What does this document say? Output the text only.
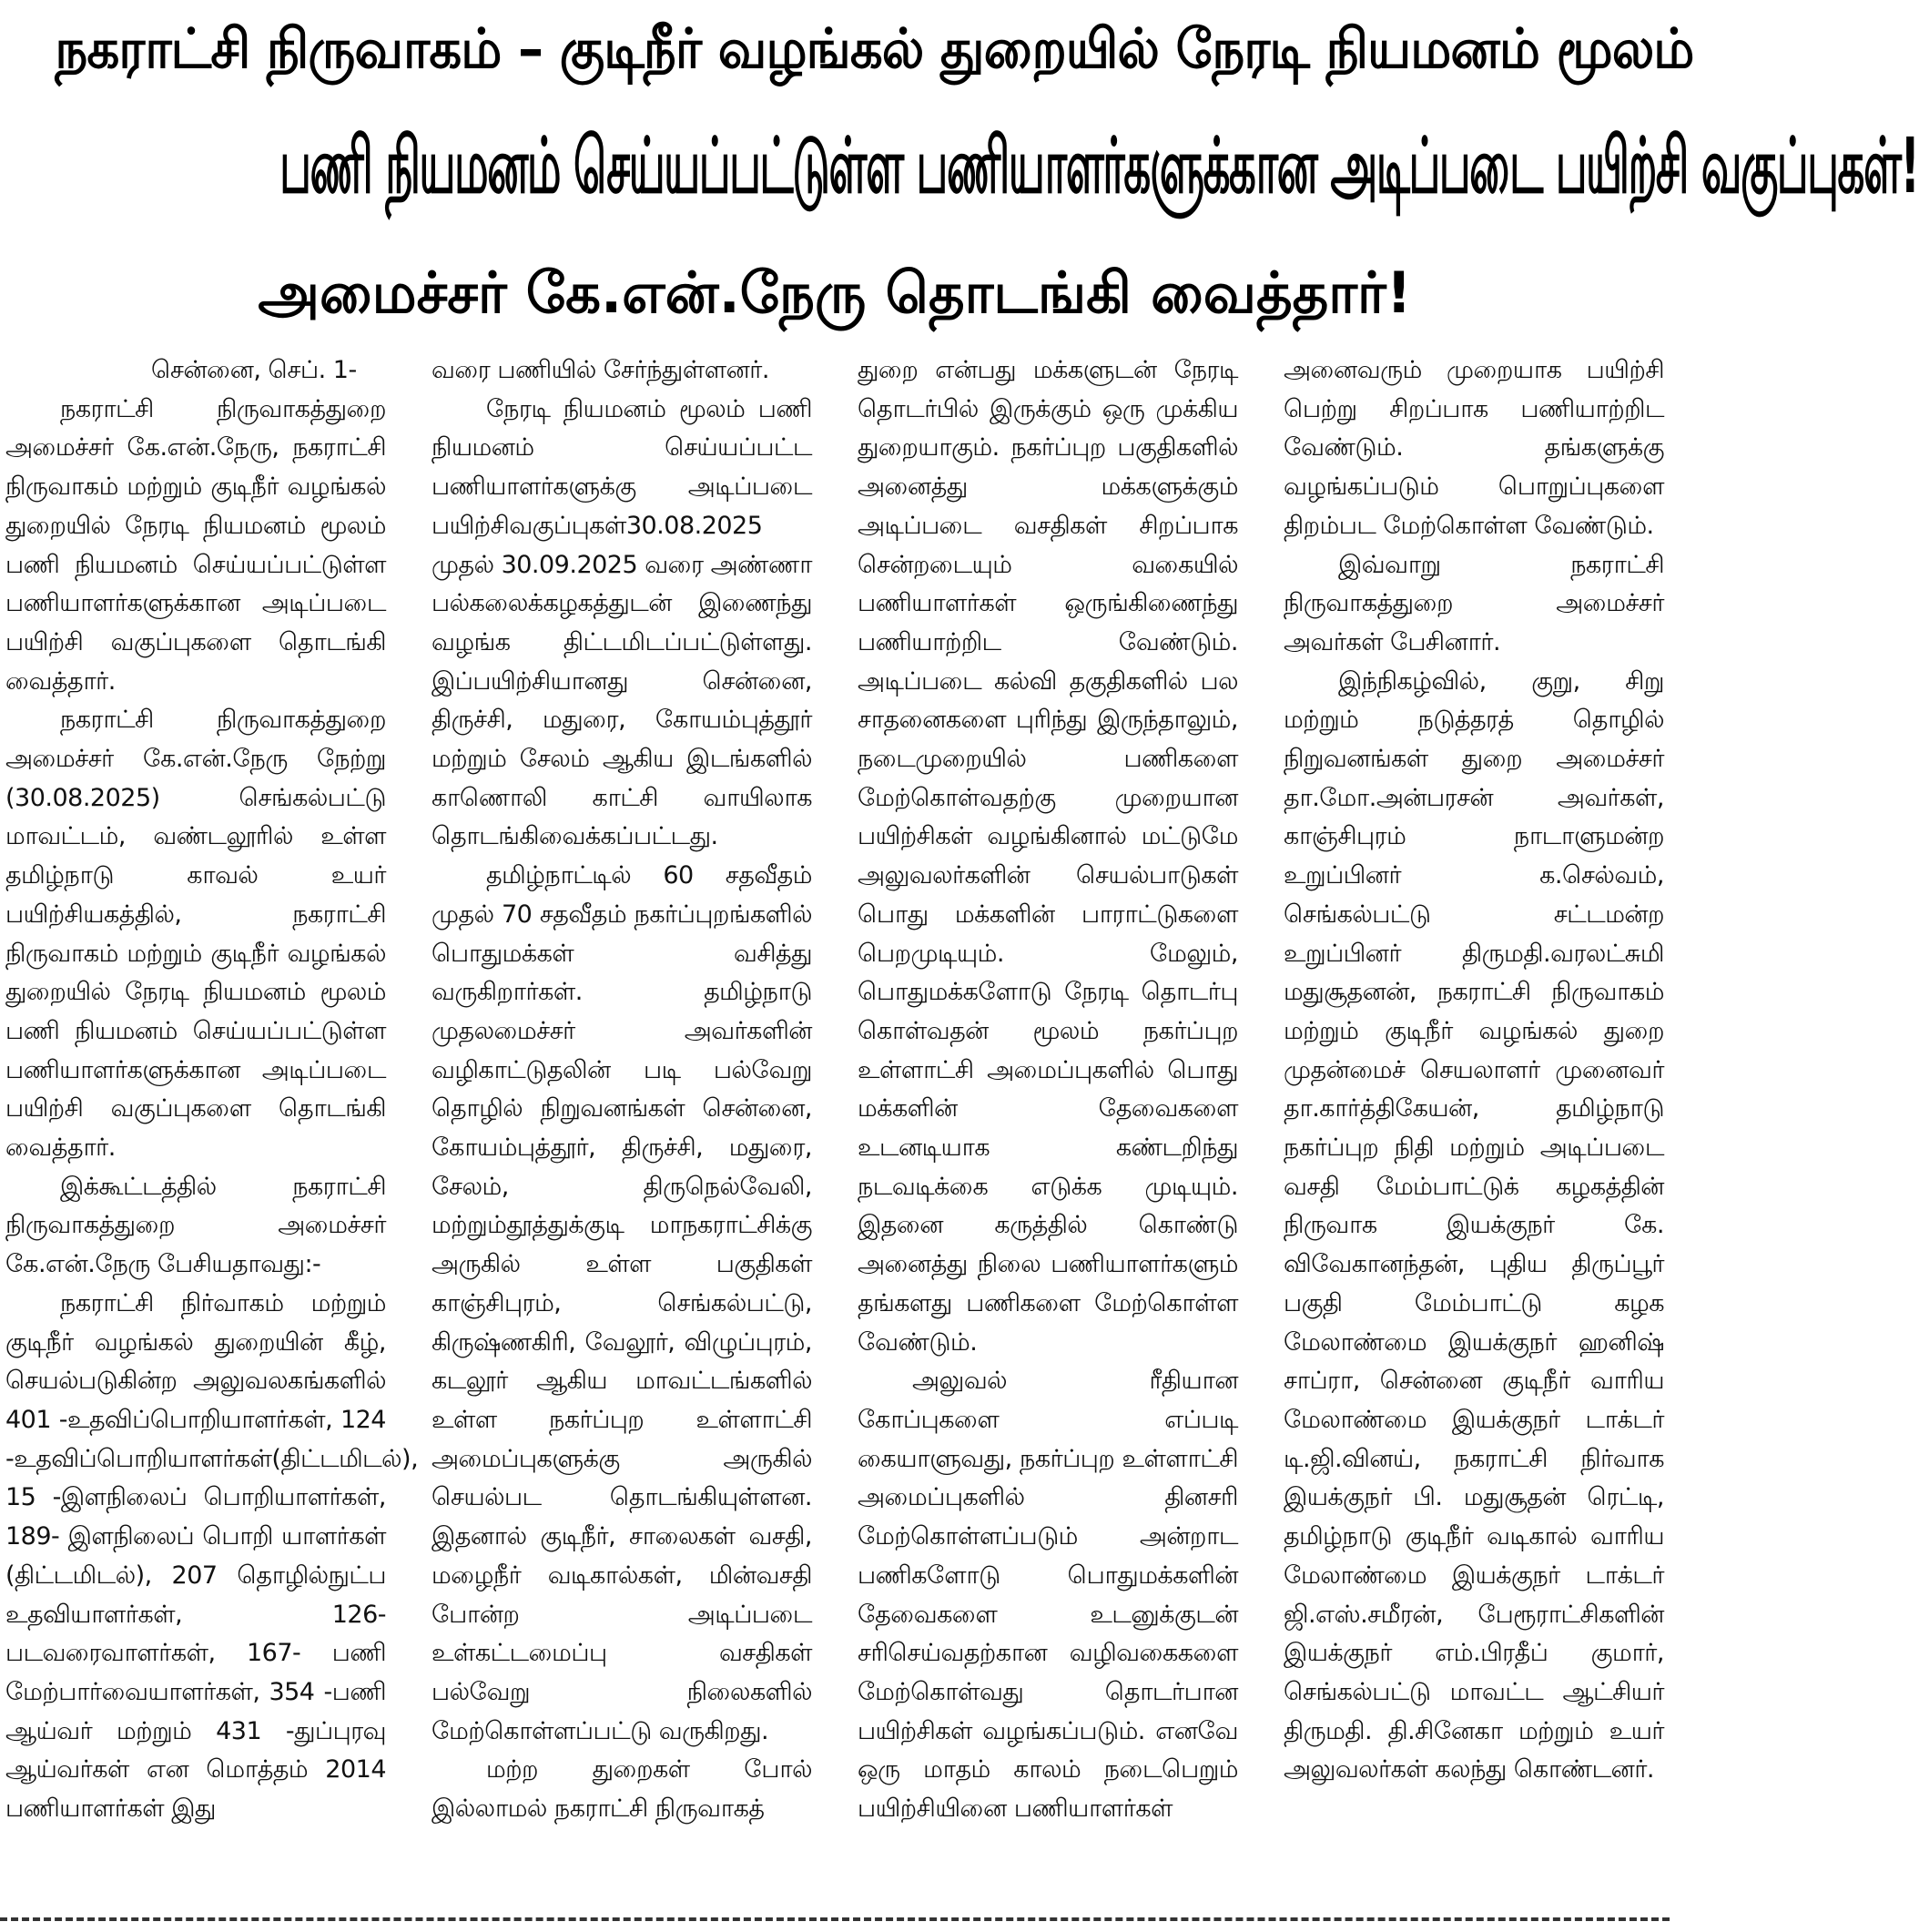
நகராட்சி நிருவாகம் – குடிநீர் வழங்கல் துறையில் நேரடி நியமனம் மூலம்
பணி நியமனம் செய்யப்பட்டுள்ள பணியாளர்களுக்கான அடிப்படை பயிற்சி வகுப்புகள்!
அமைச்சர் கே.என்.நேரு தொடங்கி வைத்தார்!

சென்னை, செப். 1-

நகராட்சி நிருவாகத்துறை அமைச்சர் கே.என்.நேரு, நகராட்சி நிருவாகம் மற்றும் குடிநீர் வழங்கல் துறையில் நேரடி நியமனம் மூலம் பணி நியமனம் செய்யப்பட்டுள்ள பணியாளர்களுக்கான அடிப்படை பயிற்சி வகுப்புகளை தொடங்கி வைத்தார்.

நகராட்சி நிருவாகத்துறை அமைச்சர் கே.என்.நேரு நேற்று (30.08.2025) செங்கல்பட்டு மாவட்டம், வண்டலூரில் உள்ள தமிழ்நாடு காவல் உயர் பயிற்சியகத்தில், நகராட்சி நிருவாகம் மற்றும் குடிநீர் வழங்கல் துறையில் நேரடி நியமனம் மூலம் பணி நியமனம் செய்யப்பட்டுள்ள பணியாளர்களுக்கான அடிப்படை பயிற்சி வகுப்புகளை தொடங்கி வைத்தார்.

இக்கூட்டத்தில் நகராட்சி நிருவாகத்துறை அமைச்சர் கே.என்.நேரு பேசியதாவது:-

நகராட்சி நிர்வாகம் மற்றும் குடிநீர் வழங்கல் துறையின் கீழ், செயல்படுகின்ற அலுவலகங்களில் 401 -உதவிப்பொறியாளர்கள், 124 -உதவிப்பொறியாளர்கள்(திட்டமிடல்), 15 -இளநிலைப் பொறியாளர்கள், 189- இளநிலைப் பொறி யாளர்கள் (திட்டமிடல்), 207 தொழில்நுட்ப உதவியாளர்கள், 126-படவரைவாளர்கள், 167- பணி மேற்பார்வையாளர்கள், 354 -பணி ஆய்வர் மற்றும் 431 -துப்புரவு ஆய்வர்கள் என மொத்தம் 2014 பணியாளர்கள் இது

வரை பணியில் சேர்ந்துள்ளனர்.

நேரடி நியமனம் மூலம் பணி நியமனம் செய்யப்பட்ட பணியாளர்களுக்கு அடிப்படை பயிற்சிவகுப்புகள்30.08.2025 முதல் 30.09.2025 வரை அண்ணா பல்கலைக்கழகத்துடன் இணைந்து வழங்க திட்டமிடப்பட்டுள்ளது. இப்பயிற்சியானது சென்னை, திருச்சி, மதுரை, கோயம்புத்தூர் மற்றும் சேலம் ஆகிய இடங்களில் காணொலி காட்சி வாயிலாக தொடங்கிவைக்கப்பட்டது.

தமிழ்நாட்டில் 60 சதவீதம் முதல் 70 சதவீதம் நகர்ப்புறங்களில் பொதுமக்கள் வசித்து வருகிறார்கள். தமிழ்நாடு முதலமைச்சர் அவர்களின் வழிகாட்டுதலின் படி பல்வேறு தொழில் நிறுவனங்கள் சென்னை, கோயம்புத்தூர், திருச்சி, மதுரை, சேலம், திருநெல்வேலி, மற்றும்தூத்துக்குடி மாநகராட்சிக்கு அருகில் உள்ள பகுதிகள் காஞ்சிபுரம், செங்கல்பட்டு, கிருஷ்ணகிரி, வேலூர், விழுப்புரம், கடலூர் ஆகிய மாவட்டங்களில் உள்ள நகர்ப்புற உள்ளாட்சி அமைப்புகளுக்கு அருகில் செயல்பட தொடங்கியுள்ளன. இதனால் குடிநீர், சாலைகள் வசதி, மழைநீர் வடிகால்கள், மின்வசதி போன்ற அடிப்படை உள்கட்டமைப்பு வசதிகள் பல்வேறு நிலைகளில் மேற்கொள்ளப்பட்டு வருகிறது.

மற்ற துறைகள் போல் இல்லாமல் நகராட்சி நிருவாகத்

துறை என்பது மக்களுடன் நேரடி தொடர்பில் இருக்கும் ஒரு முக்கிய துறையாகும். நகர்ப்புற பகுதிகளில் அனைத்து மக்களுக்கும் அடிப்படை வசதிகள் சிறப்பாக சென்றடையும் வகையில் பணியாளர்கள் ஒருங்கிணைந்து பணியாற்றிட வேண்டும். அடிப்படை கல்வி தகுதிகளில் பல சாதனைகளை புரிந்து இருந்தாலும், நடைமுறையில் பணிகளை மேற்கொள்வதற்கு முறையான பயிற்சிகள் வழங்கினால் மட்டுமே அலுவலர்களின் செயல்பாடுகள் பொது மக்களின் பாராட்டுகளை பெறமுடியும். மேலும், பொதுமக்களோடு நேரடி தொடர்பு கொள்வதன் மூலம் நகர்ப்புற உள்ளாட்சி அமைப்புகளில் பொது மக்களின் தேவைகளை உடனடியாக கண்டறிந்து நடவடிக்கை எடுக்க முடியும். இதனை கருத்தில் கொண்டு அனைத்து நிலை பணியாளர்களும் தங்களது பணிகளை மேற்கொள்ள வேண்டும்.

அலுவல் ரீதியான கோப்புகளை எப்படி கையாளுவது, நகர்ப்புற உள்ளாட்சி அமைப்புகளில் தினசரி மேற்கொள்ளப்படும் அன்றாட பணிகளோடு பொதுமக்களின் தேவைகளை உடனுக்குடன் சரிசெய்வதற்கான வழிவகைகளை மேற்கொள்வது தொடர்பான பயிற்சிகள் வழங்கப்படும். எனவே ஒரு மாதம் காலம் நடைபெறும் பயிற்சியினை பணியாளர்கள்

அனைவரும் முறையாக பயிற்சி பெற்று சிறப்பாக பணியாற்றிட வேண்டும். தங்களுக்கு வழங்கப்படும் பொறுப்புகளை திறம்பட மேற்கொள்ள வேண்டும்.

இவ்வாறு நகராட்சி நிருவாகத்துறை அமைச்சர் அவர்கள் பேசினார்.

இந்நிகழ்வில், குறு, சிறு மற்றும் நடுத்தரத் தொழில் நிறுவனங்கள் துறை அமைச்சர் தா.மோ.அன்பரசன் அவர்கள், காஞ்சிபுரம் நாடாளுமன்ற உறுப்பினர் க.செல்வம், செங்கல்பட்டு சட்டமன்ற உறுப்பினர் திருமதி.வரலட்சுமி மதுசூதனன், நகராட்சி நிருவாகம் மற்றும் குடிநீர் வழங்கல் துறை முதன்மைச் செயலாளர் முனைவர் தா.கார்த்திகேயன், தமிழ்நாடு நகர்ப்புற நிதி மற்றும் அடிப்படை வசதி மேம்பாட்டுக் கழகத்தின் நிருவாக இயக்குநர் கே. விவேகானந்தன், புதிய திருப்பூர் பகுதி மேம்பாட்டு கழக மேலாண்மை இயக்குநர் ஹனிஷ் சாப்ரா, சென்னை குடிநீர் வாரிய மேலாண்மை இயக்குநர் டாக்டர் டி.ஜி.வினய், நகராட்சி நிர்வாக இயக்குநர் பி. மதுசூதன் ரெட்டி, தமிழ்நாடு குடிநீர் வடிகால் வாரிய மேலாண்மை இயக்குநர் டாக்டர் ஜி.எஸ்.சமீரன், பேரூராட்சிகளின் இயக்குநர் எம்.பிரதீப் குமார், செங்கல்பட்டு மாவட்ட ஆட்சியர் திருமதி. தி.சினேகா மற்றும் உயர் அலுவலர்கள் கலந்து கொண்டனர்.
